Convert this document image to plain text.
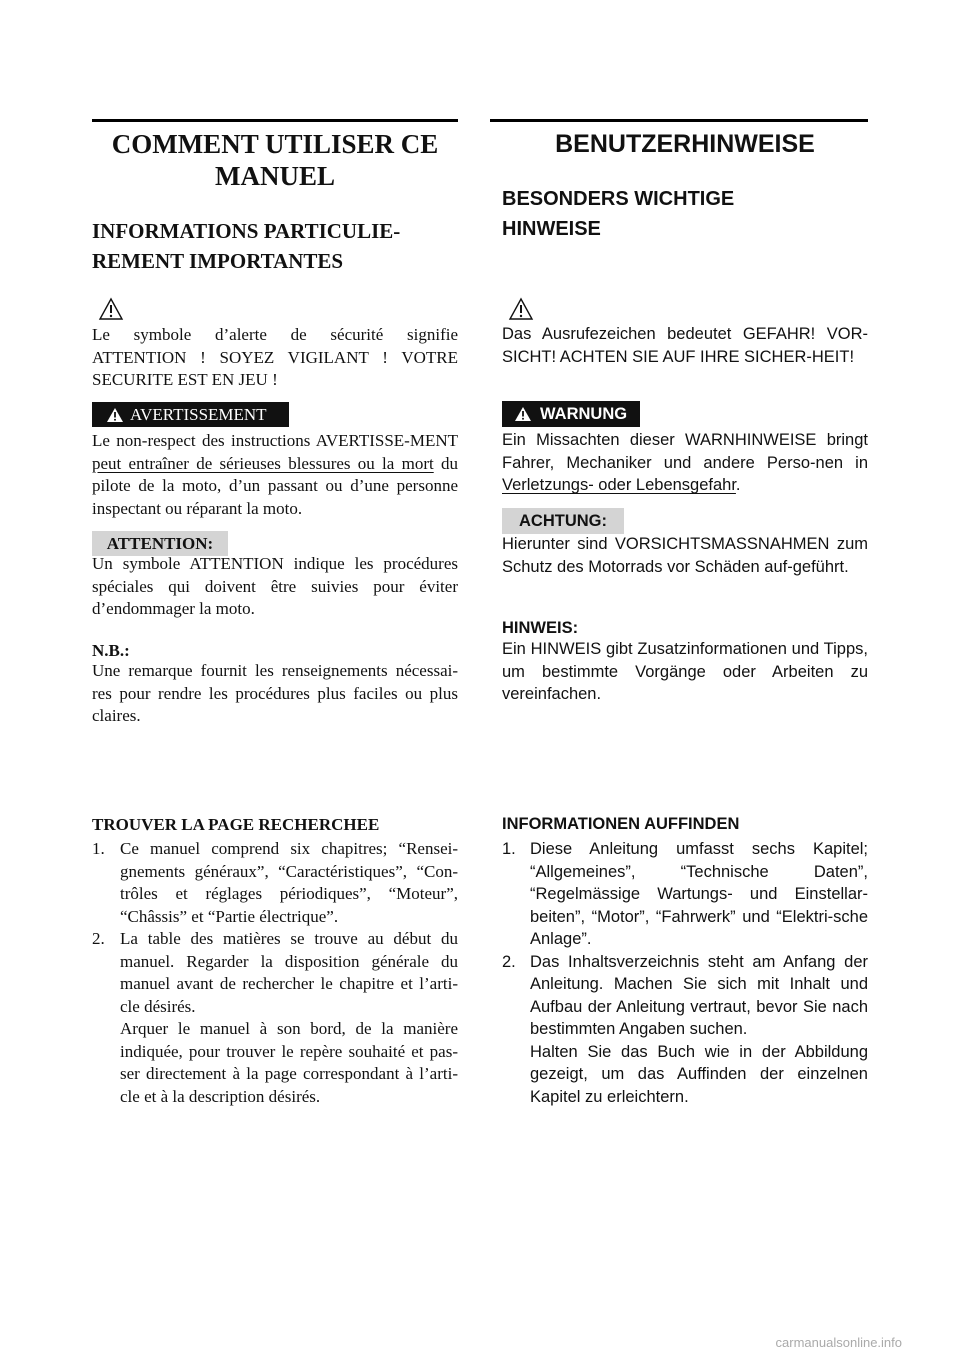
COMMENT UTILISER CE MANUEL
INFORMATIONS PARTICULIE-
REMENT IMPORTANTES

Le symbole d’alerte de sécurité signifie ATTENTION ! SOYEZ VIGILANT ! VOTRE SECURITE EST EN JEU !

AVERTISSEMENT

Le non-respect des instructions AVERTISSE-MENT peut entraîner de sérieuses blessures ou la mort du pilote de la moto, d’un passant ou d’une personne inspectant ou réparant la moto.

ATTENTION:

Un symbole ATTENTION indique les procédures spéciales qui doivent être suivies pour éviter d’endommager la moto.

N.B.:

Une remarque fournit les renseignements nécessai-res pour rendre les procédures plus faciles ou plus claires.

TROUVER LA PAGE RECHERCHEE
1. Ce manuel comprend six chapitres; “Rensei-gnements généraux”, “Caractéristiques”, “Con-trôles et réglages périodiques”, “Moteur”, “Châssis” et “Partie électrique”.
2. La table des matières se trouve au début du manuel. Regarder la disposition générale du manuel avant de rechercher le chapitre et l’arti-cle désirés.
Arquer le manuel à son bord, de la manière indiquée, pour trouver le repère souhaité et pas-ser directement à la page correspondant à l’arti-cle et à la description désirés.
BENUTZERHINWEISE
BESONDERS WICHTIGE
HINWEISE

Das Ausrufezeichen bedeutet GEFAHR! VOR-SICHT! ACHTEN SIE AUF IHRE SICHER-HEIT!

WARNUNG

Ein Missachten dieser WARNHINWEISE bringt Fahrer, Mechaniker und andere Perso-nen in Verletzungs- oder Lebensgefahr.

ACHTUNG:

Hierunter sind VORSICHTSMASSNAHMEN zum Schutz des Motorrads vor Schäden auf-geführt.

HINWEIS:

Ein HINWEIS gibt Zusatzinformationen und Tipps, um bestimmte Vorgänge oder Arbeiten zu vereinfachen.

INFORMATIONEN AUFFINDEN
1. Diese Anleitung umfasst sechs Kapitel; “Allgemeines”, “Technische Daten”, “Regelmässige Wartungs- und Einstellar-beiten”, “Motor”, “Fahrwerk” und “Elektri-sche Anlage”.
2. Das Inhaltsverzeichnis steht am Anfang der Anleitung. Machen Sie sich mit Inhalt und Aufbau der Anleitung vertraut, bevor Sie nach bestimmten Angaben suchen.
Halten Sie das Buch wie in der Abbildung gezeigt, um das Auffinden der einzelnen Kapitel zu erleichtern.
carmanualsonline.info
